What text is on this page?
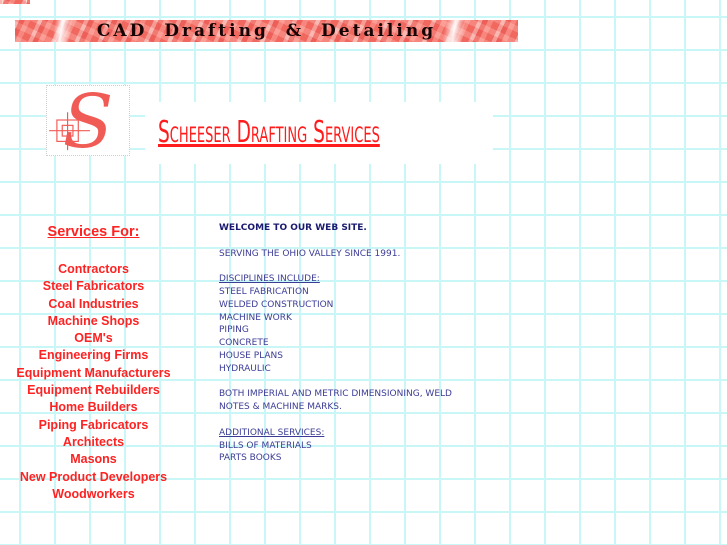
CAD Drafting & Detailing
S Scheeser Drafting Services
Services For:
Contractors
Steel Fabricators
Coal Industries
Machine Shops
OEM's
Engineering Firms
Equipment Manufacturers
Equipment Rebuilders
Home Builders
Piping Fabricators
Architects
Masons
New Product Developers
Woodworkers
WELCOME TO OUR WEB SITE.
SERVING THE OHIO VALLEY SINCE 1991.
DISCIPLINES INCLUDE:
STEEL FABRICATION
WELDED CONSTRUCTION
MACHINE WORK
PIPING
CONCRETE
HOUSE PLANS
HYDRAULIC
BOTH IMPERIAL AND METRIC DIMENSIONING, WELD
NOTES & MACHINE MARKS.
ADDITIONAL SERVICES:
BILLS OF MATERIALS
PARTS BOOKS
